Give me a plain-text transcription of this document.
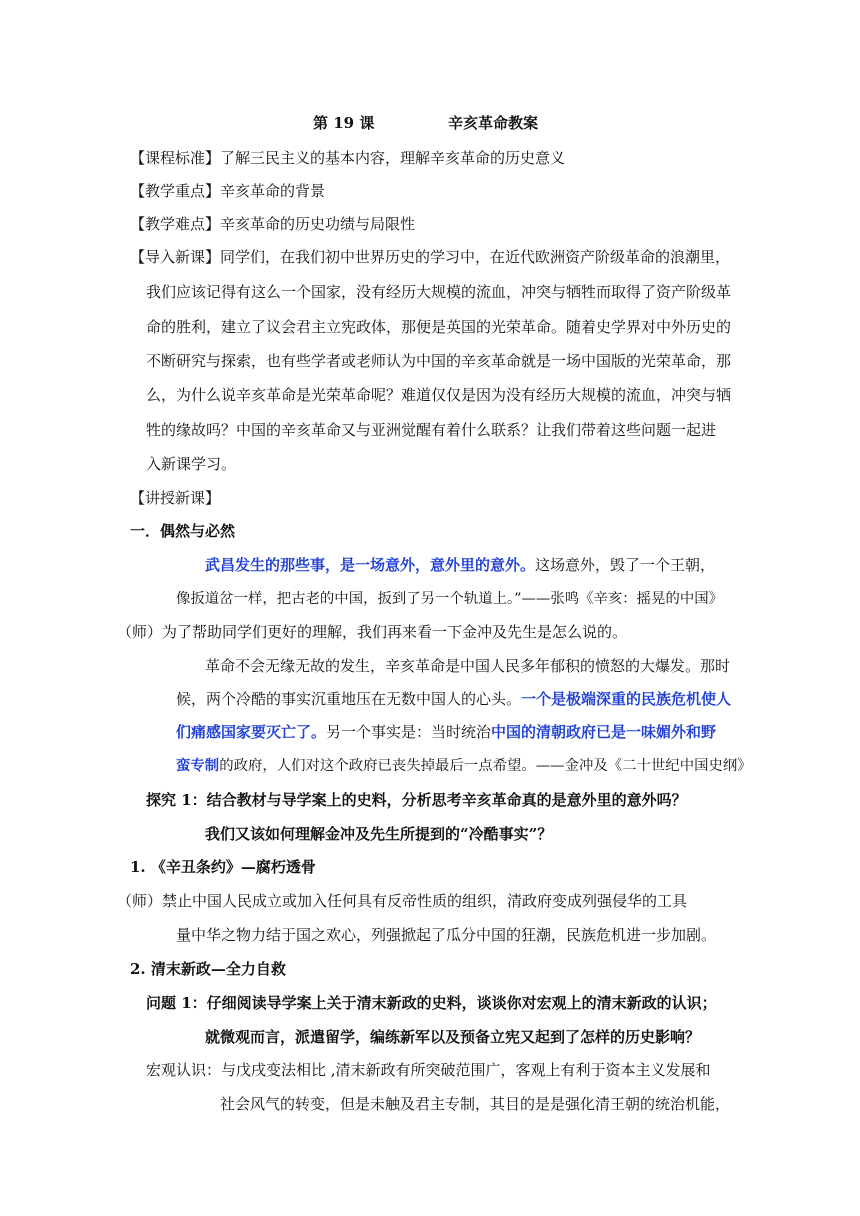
第 19 课	辛亥革命教案
【课程标准】了解三民主义的基本内容，理解辛亥革命的历史意义
【教学重点】辛亥革命的背景
【教学难点】辛亥革命的历史功绩与局限性
【导入新课】同学们，在我们初中世界历史的学习中，在近代欧洲资产阶级革命的浪潮里，
我们应该记得有这么一个国家，没有经历大规模的流血，冲突与牺牲而取得了资产阶级革
命的胜利，建立了议会君主立宪政体，那便是英国的光荣革命。随着史学界对中外历史的
不断研究与探索，也有些学者或老师认为中国的辛亥革命就是一场中国版的光荣革命，那
么，为什么说辛亥革命是光荣革命呢？难道仅仅是因为没有经历大规模的流血，冲突与牺
牲的缘故吗？中国的辛亥革命又与亚洲觉醒有着什么联系？让我们带着这些问题一起进
入新课学习。
【讲授新课】
一．偶然与必然
武昌发生的那些事，是一场意外，意外里的意外。这场意外，毁了一个王朝，
像扳道岔一样，把古老的中国，扳到了另一个轨道上。”——张鸣《辛亥：摇晃的中国》
（师）为了帮助同学们更好的理解，我们再来看一下金冲及先生是怎么说的。
革命不会无缘无故的发生，辛亥革命是中国人民多年郁积的愤怒的大爆发。那时
候，两个冷酷的事实沉重地压在无数中国人的心头。一个是极端深重的民族危机使人
们痛感国家要灭亡了。另一个事实是：当时统治中国的清朝政府已是一味媚外和野
蛮专制的政府，人们对这个政府已丧失掉最后一点希望。——金冲及《二十世纪中国史纲》
探究 1：结合教材与导学案上的史料，分析思考辛亥革命真的是意外里的意外吗？
我们又该如何理解金冲及先生所提到的“冷酷事实”？
1. 《辛丑条约》—腐朽透骨
（师）禁止中国人民成立或加入任何具有反帝性质的组织，清政府变成列强侵华的工具
量中华之物力结于国之欢心，列强掀起了瓜分中国的狂潮，民族危机进一步加剧。
2. 清末新政—全力自救
问题 1：仔细阅读导学案上关于清末新政的史料，谈谈你对宏观上的清末新政的认识；
就微观而言，派遣留学，编练新军以及预备立宪又起到了怎样的历史影响？
宏观认识：与戊戌变法相比 ,清末新政有所突破范围广，客观上有利于资本主义发展和
社会风气的转变，但是未触及君主专制，其目的是是强化清王朝的统治机能，
